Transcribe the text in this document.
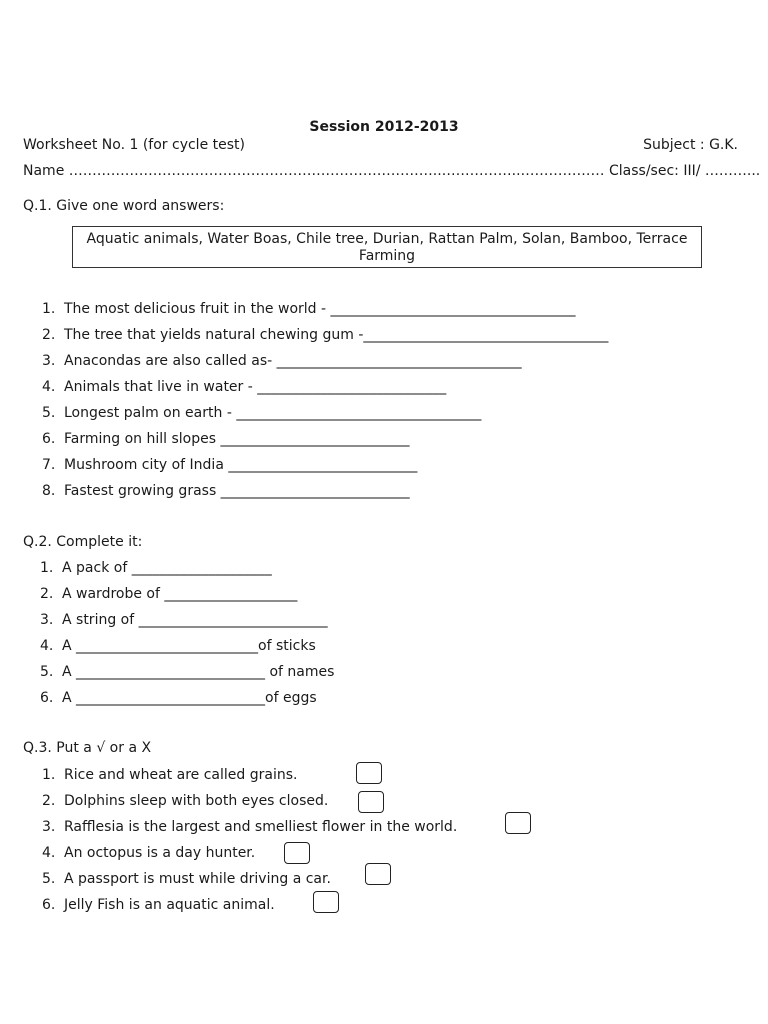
Session 2012-2013
Worksheet No. 1 (for cycle test)	Subject : G.K.
Name ……………………………………………………………………..……………..……………… Class/sec: III/ ………...
Q.1. Give one word answers:
Aquatic animals, Water Boas, Chile tree, Durian, Rattan Palm, Solan, Bamboo, Terrace Farming
1. The most delicious fruit in the world - ___________________________________
2. The tree that yields natural chewing gum -___________________________________
3. Anacondas are also called as- ___________________________________
4. Animals that live in water - ___________________________
5. Longest palm on earth - ___________________________________
6. Farming on hill slopes ___________________________
7. Mushroom city of India ___________________________
8. Fastest growing grass ___________________________
Q.2. Complete it:
1. A pack of ____________________
2. A wardrobe of ___________________
3. A string of ___________________________
4. A __________________________of sticks
5. A ___________________________ of names
6. A ___________________________of eggs
Q.3. Put a √ or a X
1. Rice and wheat are called grains.
2. Dolphins sleep with both eyes closed.
3. Rafflesia is the largest and smelliest flower in the world.
4. An octopus is a day hunter.
5. A passport is must while driving a car.
6. Jelly Fish is an aquatic animal.
